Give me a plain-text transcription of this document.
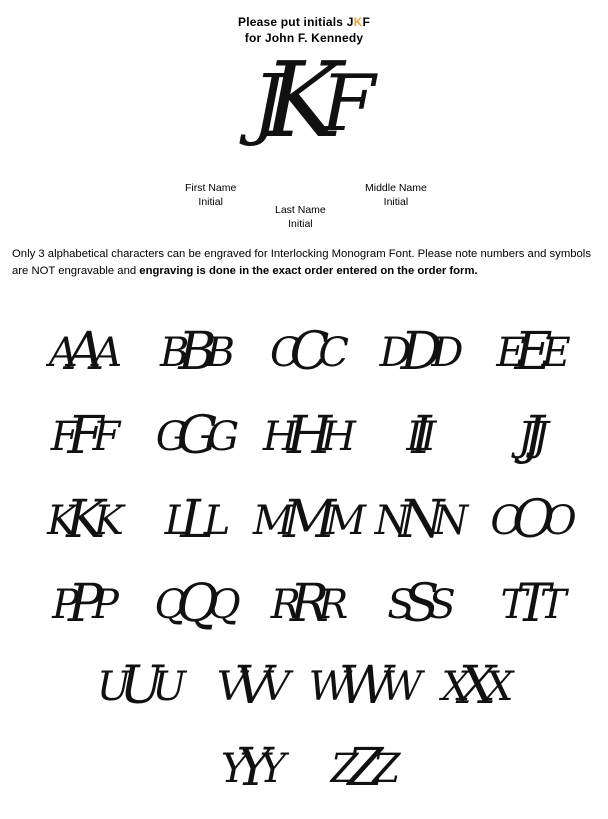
Please put initials JKF
for John F. Kennedy
JKF
First Name
Initial
Last Name
Initial
Middle Name
Initial
Only 3 alphabetical characters can be engraved for Interlocking Monogram Font. Please note numbers and symbols are NOT engravable and engraving is done in the exact order entered on the order form.
AAA	BBB	CCC	DDD	EEE
FFF	GGG HHH	III	JJJ
KKK	LLL MMM NNN OOO
PPP	QQQ	RRR	SSS	TTT
UUU	VVV WWW XXX
YYY	ZZZ
